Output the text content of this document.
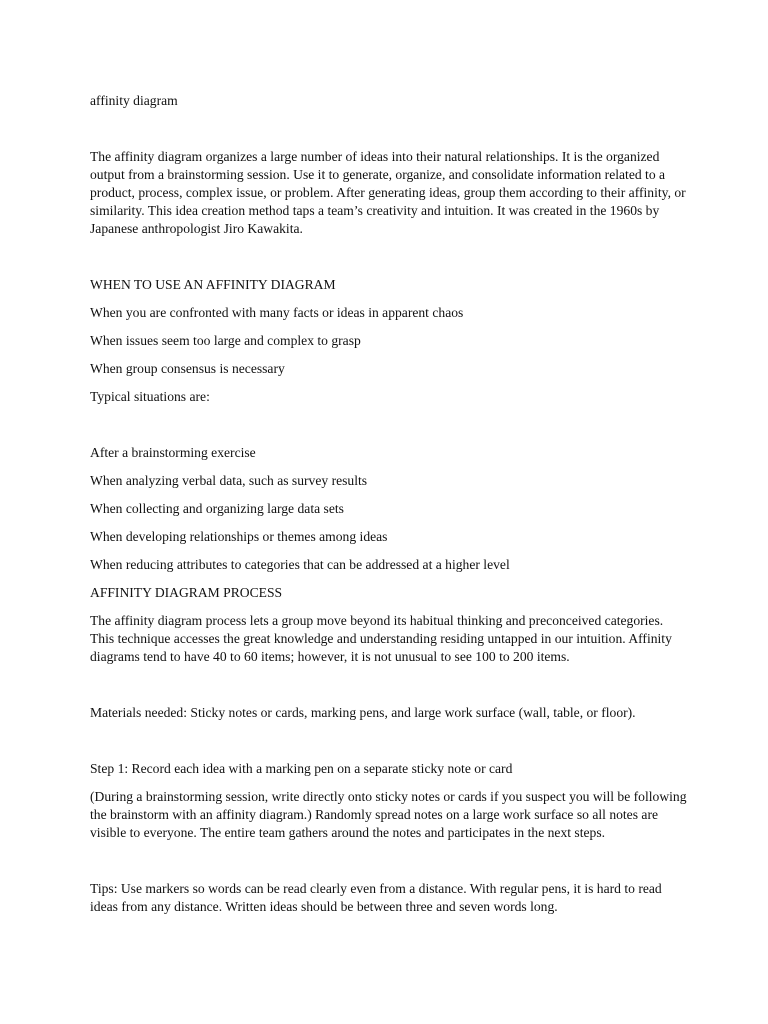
affinity diagram

The affinity diagram organizes a large number of ideas into their natural relationships. It is the organized output from a brainstorming session. Use it to generate, organize, and consolidate information related to a product, process, complex issue, or problem. After generating ideas, group them according to their affinity, or similarity. This idea creation method taps a team’s creativity and intuition. It was created in the 1960s by Japanese anthropologist Jiro Kawakita.

WHEN TO USE AN AFFINITY DIAGRAM

When you are confronted with many facts or ideas in apparent chaos

When issues seem too large and complex to grasp

When group consensus is necessary

Typical situations are:

After a brainstorming exercise

When analyzing verbal data, such as survey results

When collecting and organizing large data sets

When developing relationships or themes among ideas

When reducing attributes to categories that can be addressed at a higher level

AFFINITY DIAGRAM PROCESS

The affinity diagram process lets a group move beyond its habitual thinking and preconceived categories. This technique accesses the great knowledge and understanding residing untapped in our intuition. Affinity diagrams tend to have 40 to 60 items; however, it is not unusual to see 100 to 200 items.

Materials needed: Sticky notes or cards, marking pens, and large work surface (wall, table, or floor).

Step 1: Record each idea with a marking pen on a separate sticky note or card

(During a brainstorming session, write directly onto sticky notes or cards if you suspect you will be following the brainstorm with an affinity diagram.) Randomly spread notes on a large work surface so all notes are visible to everyone. The entire team gathers around the notes and participates in the next steps.

Tips: Use markers so words can be read clearly even from a distance. With regular pens, it is hard to read ideas from any distance. Written ideas should be between three and seven words long.
